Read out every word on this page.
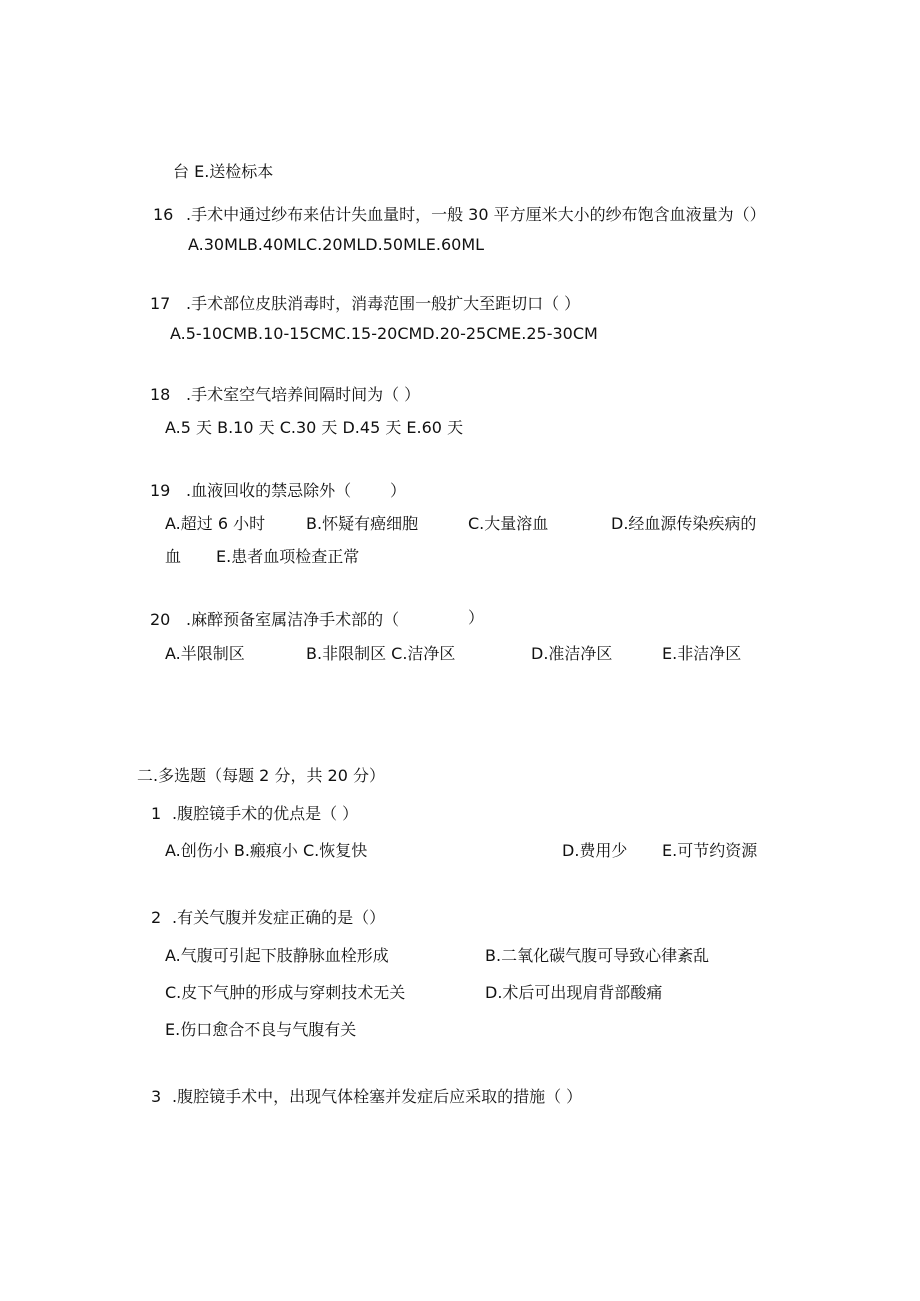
台 E.送检标本
16 .手术中通过纱布来估计失血量时，一般 30 平方厘米大小的纱布饱含血液量为（）
A.30MLB.40MLC.20MLD.50MLE.60ML
17 .手术部位皮肤消毒时，消毒范围一般扩大至距切口（ ）
A.5-10CMB.10-15CMC.15-20CMD.20-25CME.25-30CM
18 .手术室空气培养间隔时间为（ ）
A.5 天 B.10 天 C.30 天 D.45 天 E.60 天
19 .血液回收的禁忌除外（ ）
A.超过 6 小时	B.怀疑有癌细胞	C.大量溶血	D.经血源传染疾病的
血 E.患者血项检查正常
20 .麻醉预备室属洁净手术部的（	）
A.半限制区	B.非限制区 C.洁净区	D.准洁净区	E.非洁净区
二.多选题（每题 2 分，共 20 分）
1 .腹腔镜手术的优点是（ ）
A.创伤小 B.瘢痕小 C.恢复快	D.费用少 E.可节约资源
2 .有关气腹并发症正确的是（）
A.气腹可引起下肢静脉血栓形成	B.二氧化碳气腹可导致心律紊乱
C.皮下气肿的形成与穿刺技术无关	D.术后可出现肩背部酸痛
E.伤口愈合不良与气腹有关
3 .腹腔镜手术中，出现气体栓塞并发症后应采取的措施（ ）
